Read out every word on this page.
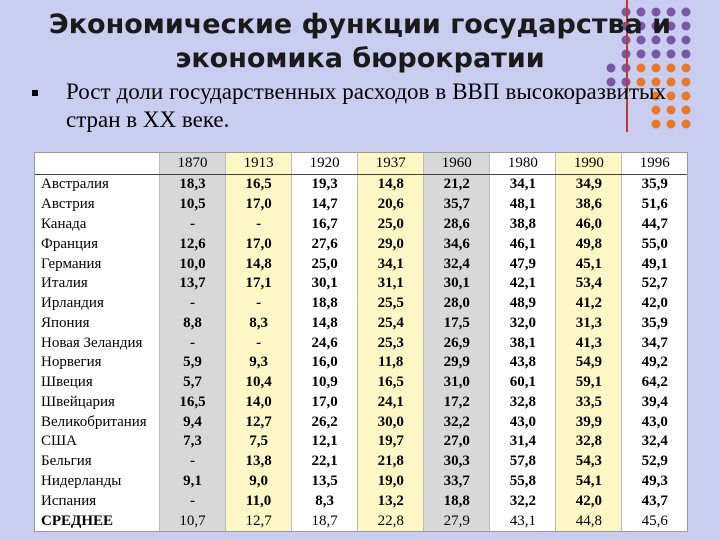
Экономические функции государства и
экономика бюрократии
Рост доли государственных расходов в ВВП высокоразвитых стран в ХХ веке.
	1870	1913	1920	1937	1960	1980	1990	1996
Австралия	18,3	16,5	19,3	14,8	21,2	34,1	34,9	35,9
Австрия	10,5	17,0	14,7	20,6	35,7	48,1	38,6	51,6
Канада	-	-	16,7	25,0	28,6	38,8	46,0	44,7
Франция	12,6	17,0	27,6	29,0	34,6	46,1	49,8	55,0
Германия	10,0	14,8	25,0	34,1	32,4	47,9	45,1	49,1
Италия	13,7	17,1	30,1	31,1	30,1	42,1	53,4	52,7
Ирландия	-	-	18,8	25,5	28,0	48,9	41,2	42,0
Япония	8,8	8,3	14,8	25,4	17,5	32,0	31,3	35,9
Новая Зеландия	-	-	24,6	25,3	26,9	38,1	41,3	34,7
Норвегия	5,9	9,3	16,0	11,8	29,9	43,8	54,9	49,2
Швеция	5,7	10,4	10,9	16,5	31,0	60,1	59,1	64,2
Швейцария	16,5	14,0	17,0	24,1	17,2	32,8	33,5	39,4
Великобритания	9,4	12,7	26,2	30,0	32,2	43,0	39,9	43,0
США	7,3	7,5	12,1	19,7	27,0	31,4	32,8	32,4
Бельгия	-	13,8	22,1	21,8	30,3	57,8	54,3	52,9
Нидерланды	9,1	9,0	13,5	19,0	33,7	55,8	54,1	49,3
Испания	-	11,0	8,3	13,2	18,8	32,2	42,0	43,7
СРЕДНЕЕ	10,7	12,7	18,7	22,8	27,9	43,1	44,8	45,6
